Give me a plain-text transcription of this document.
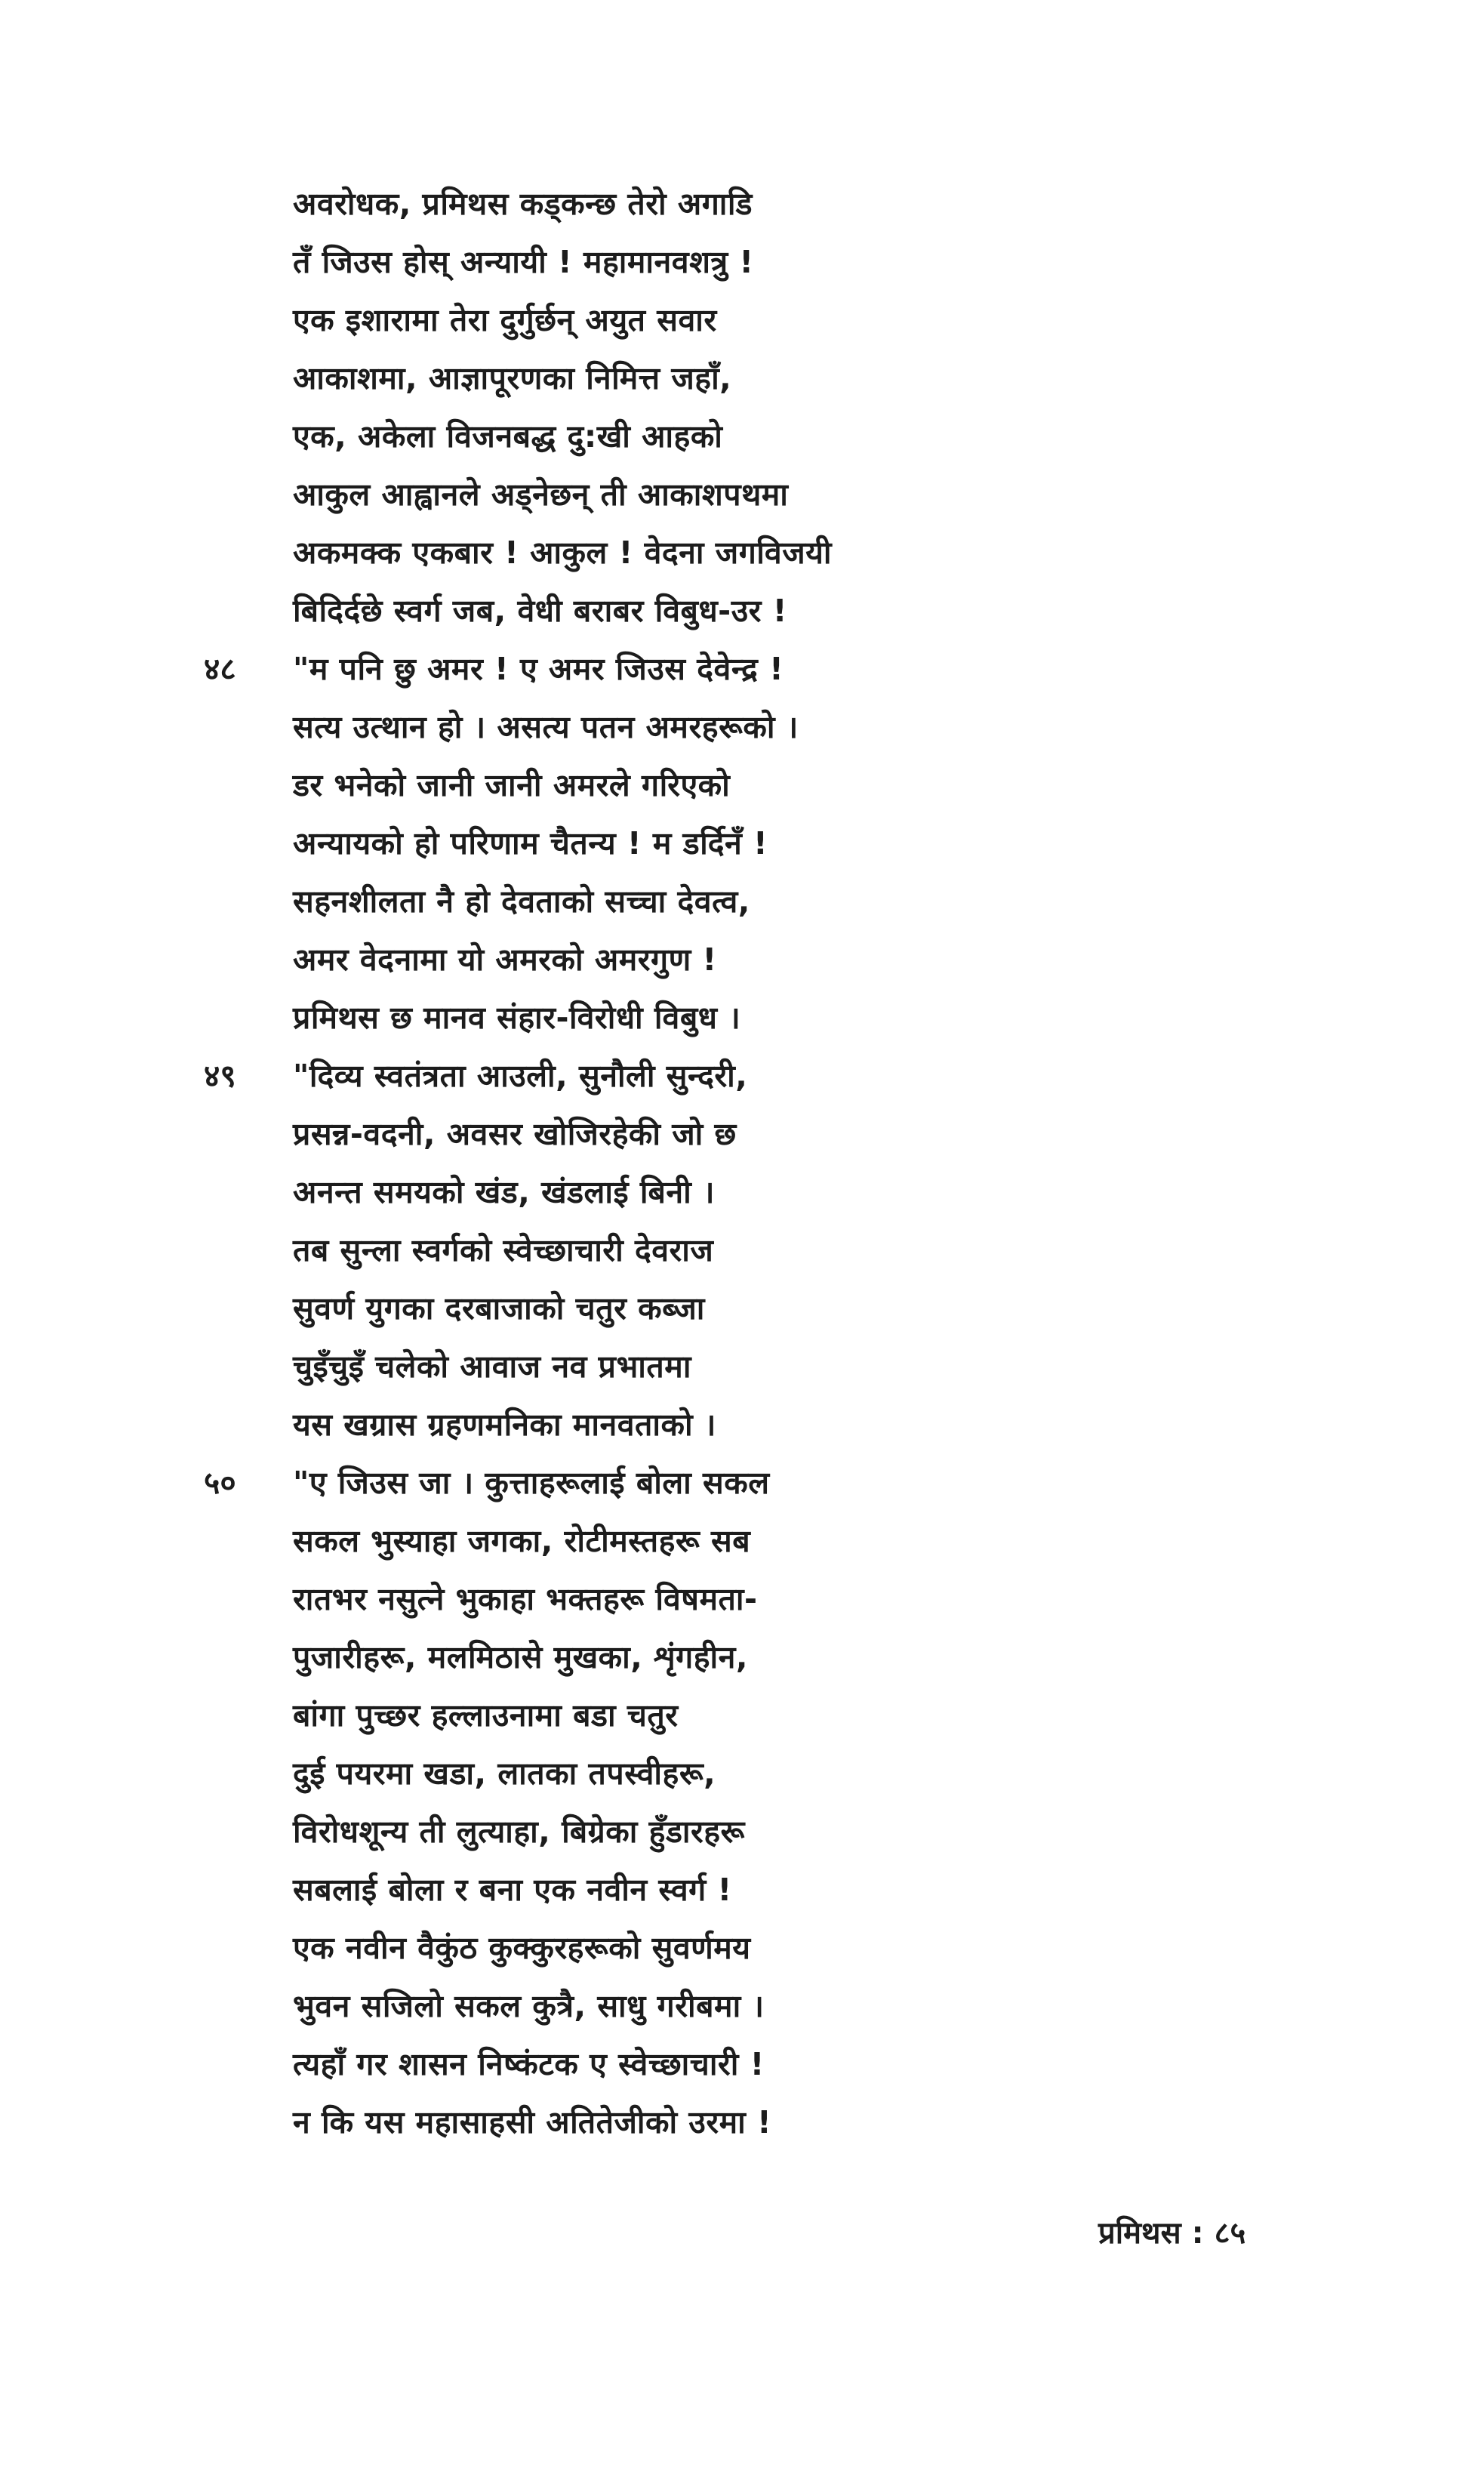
अवरोधक, प्रमिथस कड्कन्छ तेरो अगाडि
तँ जिउस होस् अन्यायी ! महामानवशत्रु !
एक इशारामा तेरा दुर्गुर्छन् अयुत सवार
आकाशमा, आज्ञापूरणका निमित्त जहाँ,
एक, अकेला विजनबद्ध दु:खी आहको
आकुल आह्वानले अड्नेछन् ती आकाशपथमा
अकमक्क एकबार ! आकुल ! वेदना जगविजयी
बिदिर्दछे स्वर्ग जब, वेधी बराबर विबुध-उर !
४८	"म पनि छु अमर ! ए अमर जिउस देवेन्द्र !
सत्य उत्थान हो । असत्य पतन अमरहरूको ।
डर भनेको जानी जानी अमरले गरिएको
अन्यायको हो परिणाम चैतन्य ! म डर्दिनँ !
सहनशीलता नै हो देवताको सच्चा देवत्व,
अमर वेदनामा यो अमरको अमरगुण !
प्रमिथस छ मानव संहार-विरोधी विबुध ।
४९	"दिव्य स्वतंत्रता आउली, सुनौली सुन्दरी,
प्रसन्न-वदनी, अवसर खोजिरहेकी जो छ
अनन्त समयको खंड, खंडलाई बिनी ।
तब सुन्ला स्वर्गको स्वेच्छाचारी देवराज
सुवर्ण युगका दरबाजाको चतुर कब्जा
चुइँचुइँ चलेको आवाज नव प्रभातमा
यस खग्रास ग्रहणमनिका मानवताको ।
५०	"ए जिउस जा । कुत्ताहरूलाई बोला सकल
सकल भुस्याहा जगका, रोटीमस्तहरू सब
रातभर नसुत्ने भुकाहा भक्तहरू विषमता-
पुजारीहरू, मलमिठासे मुखका, शृंगहीन,
बांगा पुच्छर हल्लाउनामा बडा चतुर
दुई पयरमा खडा, लातका तपस्वीहरू,
विरोधशून्य ती लुत्याहा, बिग्रेका हुँडारहरू
सबलाई बोला र बना एक नवीन स्वर्ग !
एक नवीन वैकुंठ कुक्कुरहरूको सुवर्णमय
भुवन सजिलो सकल कुत्रै, साधु गरीबमा ।
त्यहाँ गर शासन निष्कंटक ए स्वेच्छाचारी !
न कि यस महासाहसी अतितेजीको उरमा !
प्रमिथस : ८५
